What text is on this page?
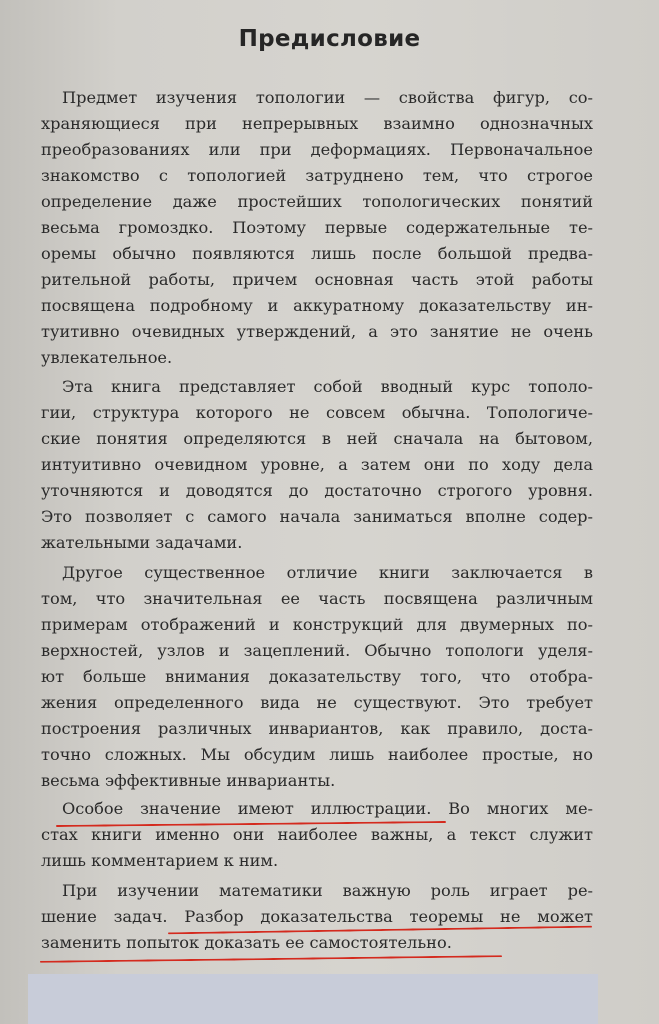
Предисловие
Предмет изучения топологии — свойства фигур, со-
храняющиеся при непрерывных взаимно однозначных
преобразованиях или при деформациях. Первоначальное
знакомство с топологией затруднено тем, что строгое
определение даже простейших топологических понятий
весьма громоздко. Поэтому первые содержательные те-
оремы обычно появляются лишь после большой предва-
рительной работы, причем основная часть этой работы
посвящена подробному и аккуратному доказательству ин-
туитивно очевидных утверждений, а это занятие не очень
увлекательное.
Эта книга представляет собой вводный курс тополо-
гии, структура которого не совсем обычна. Топологиче-
ские понятия определяются в ней сначала на бытовом,
интуитивно очевидном уровне, а затем они по ходу дела
уточняются и доводятся до достаточно строгого уровня.
Это позволяет с самого начала заниматься вполне содер-
жательными задачами.
Другое существенное отличие книги заключается в
том, что значительная ее часть посвящена различным
примерам отображений и конструкций для двумерных по-
верхностей, узлов и зацеплений. Обычно топологи уделя-
ют больше внимания доказательству того, что отобра-
жения определенного вида не существуют. Это требует
построения различных инвариантов, как правило, доста-
точно сложных. Мы обсудим лишь наиболее простые, но
весьма эффективные инварианты.
Особое значение имеют иллюстрации. Во многих ме-
стах книги именно они наиболее важны, а текст служит
лишь комментарием к ним.
При изучении математики важную роль играет ре-
шение задач. Разбор доказательства теоремы не может
заменить попыток доказать ее самостоятельно.
